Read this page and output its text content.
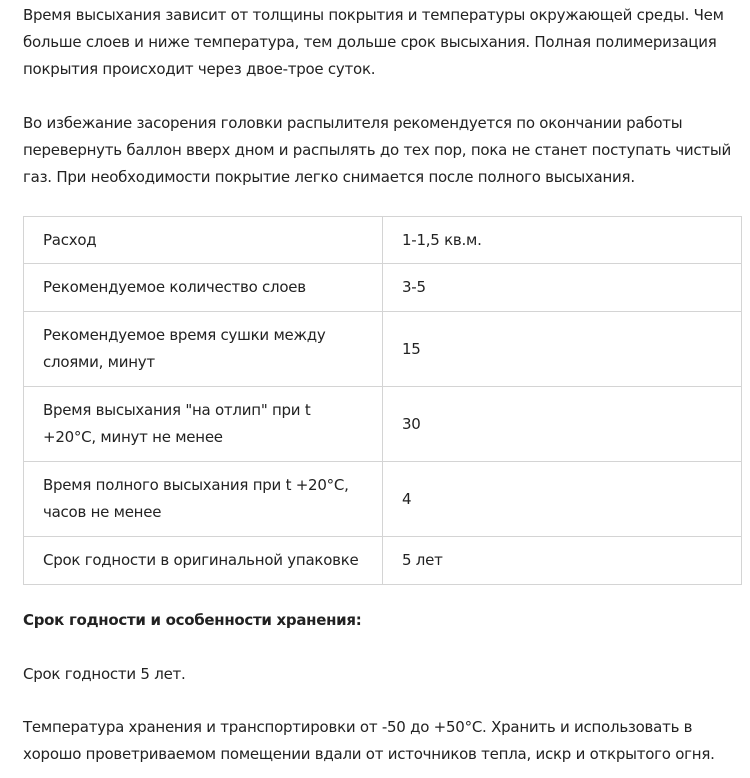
Время высыхания зависит от толщины покрытия и температуры окружающей среды. Чем больше слоев и ниже температура, тем дольше срок высыхания. Полная полимеризация покрытия происходит через двое-трое суток.

Во избежание засорения головки распылителя рекомендуется по окончании работы перевернуть баллон вверх дном и распылять до тех пор, пока не станет поступать чистый газ. При необходимости покрытие легко снимается после полного высыхания.

Расход	1-1,5 кв.м.
Рекомендуемое количество слоев	3-5
Рекомендуемое время сушки между слоями, минут	15
Время высыхания "на отлип" при t +20°C, минут не менее	30
Время полного высыхания при t +20°C, часов не менее	4
Срок годности в оригинальной упаковке	5 лет

Срок годности и особенности хранения:

Срок годности 5 лет.

Температура хранения и транспортировки от -50 до +50°C. Хранить и использовать в хорошо проветриваемом помещении вдали от источников тепла, искр и открытого огня.
